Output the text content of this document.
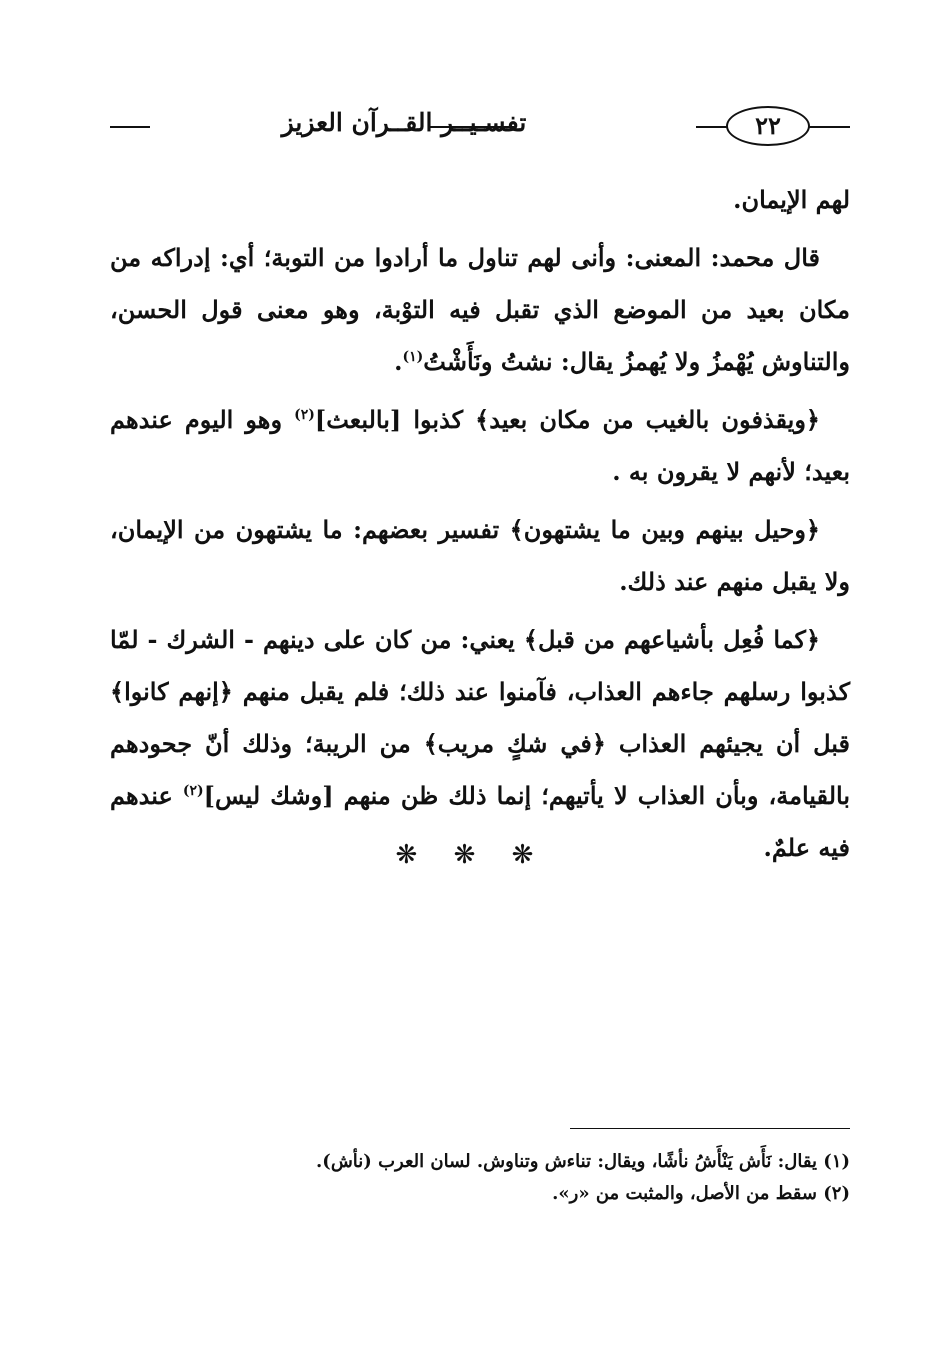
٢٢
تفسـيــر القــرآن العزيز

لهم الإيمان.

قال محمد: المعنى: وأنى لهم تناول ما أرادوا من التوبة؛ أي: إدراكه من مكان بعيد من الموضع الذي تقبل فيه التوْبة، وهو معنى قول الحسن، والتناوش يُهْمزُ ولا يُهمزُ يقال: نشتُ ونَأَشْتُ$^{(١)}$.

﴿ويقذفون بالغيب من مكان بعيد﴾ كذبوا [بالبعث]$^{(٢)}$ وهو اليوم عندهم بعيد؛ لأنهم لا يقرون به .

﴿وحيل بينهم وبين ما يشتهون﴾ تفسير بعضهم: ما يشتهون من الإيمان، ولا يقبل منهم عند ذلك.

﴿كما فُعِل بأشياعهم من قبل﴾ يعني: من كان على دينهم - الشرك - لمّا كذبوا رسلهم جاءهم العذاب، فآمنوا عند ذلك؛ فلم يقبل منهم ﴿إنهم كانوا﴾ قبل أن يجيئهم العذاب ﴿في شكٍ مريب﴾ من الريبة؛ وذلك أنّ جحودهم بالقيامة، وبأن العذاب لا يأتيهم؛ إنما ذلك ظن منهم [وشك ليس]$^{(٢)}$ عندهم فيه علمٌ.

❋ ❋ ❋

(١) يقال: نَأَش يَنْأَشُ نأشًا، ويقال: تناءش وتناوش. لسان العرب (نأش).

(٢) سقط من الأصل، والمثبت من «ر».
